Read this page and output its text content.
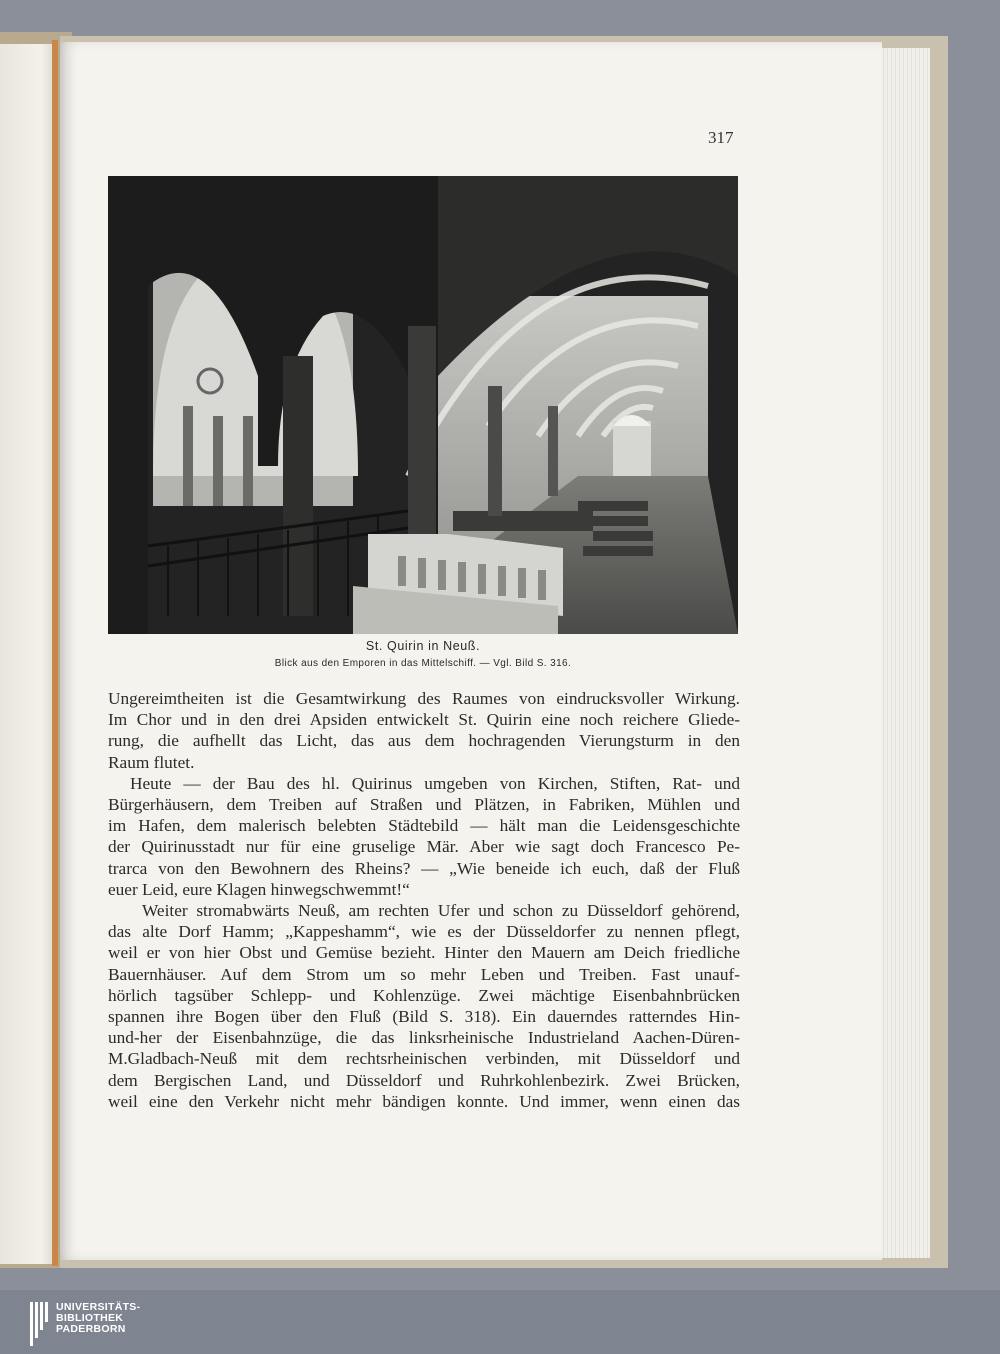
317
St. Quirin in Neuß.
Blick aus den Emporen in das Mittelschiff. — Vgl. Bild S. 316.
Ungereimtheiten ist die Gesamtwirkung des Raumes von eindrucksvoller Wirkung.
Im Chor und in den drei Apsiden entwickelt St. Quirin eine noch reichere Gliede-
rung, die aufhellt das Licht, das aus dem hochragenden Vierungsturm in den
Raum flutet.
Heute — der Bau des hl. Quirinus umgeben von Kirchen, Stiften, Rat- und
Bürgerhäusern, dem Treiben auf Straßen und Plätzen, in Fabriken, Mühlen und
im Hafen, dem malerisch belebten Städtebild — hält man die Leidensgeschichte
der Quirinusstadt nur für eine gruselige Mär. Aber wie sagt doch Francesco Pe-
trarca von den Bewohnern des Rheins? — „Wie beneide ich euch, daß der Fluß
euer Leid, eure Klagen hinwegschwemmt!“
Weiter stromabwärts Neuß, am rechten Ufer und schon zu Düsseldorf gehörend,
das alte Dorf Hamm; „Kappeshamm“, wie es der Düsseldorfer zu nennen pflegt,
weil er von hier Obst und Gemüse bezieht. Hinter den Mauern am Deich friedliche
Bauernhäuser. Auf dem Strom um so mehr Leben und Treiben. Fast unauf-
hörlich tagsüber Schlepp- und Kohlenzüge. Zwei mächtige Eisenbahnbrücken
spannen ihre Bogen über den Fluß (Bild S. 318). Ein dauerndes ratterndes Hin-
und-her der Eisenbahnzüge, die das linksrheinische Industrieland Aachen-Düren-
M.Gladbach-Neuß mit dem rechtsrheinischen verbinden, mit Düsseldorf und
dem Bergischen Land, und Düsseldorf und Ruhrkohlenbezirk. Zwei Brücken,
weil eine den Verkehr nicht mehr bändigen konnte. Und immer, wenn einen das
UNIVERSITÄTS-
BIBLIOTHEK
PADERBORN
